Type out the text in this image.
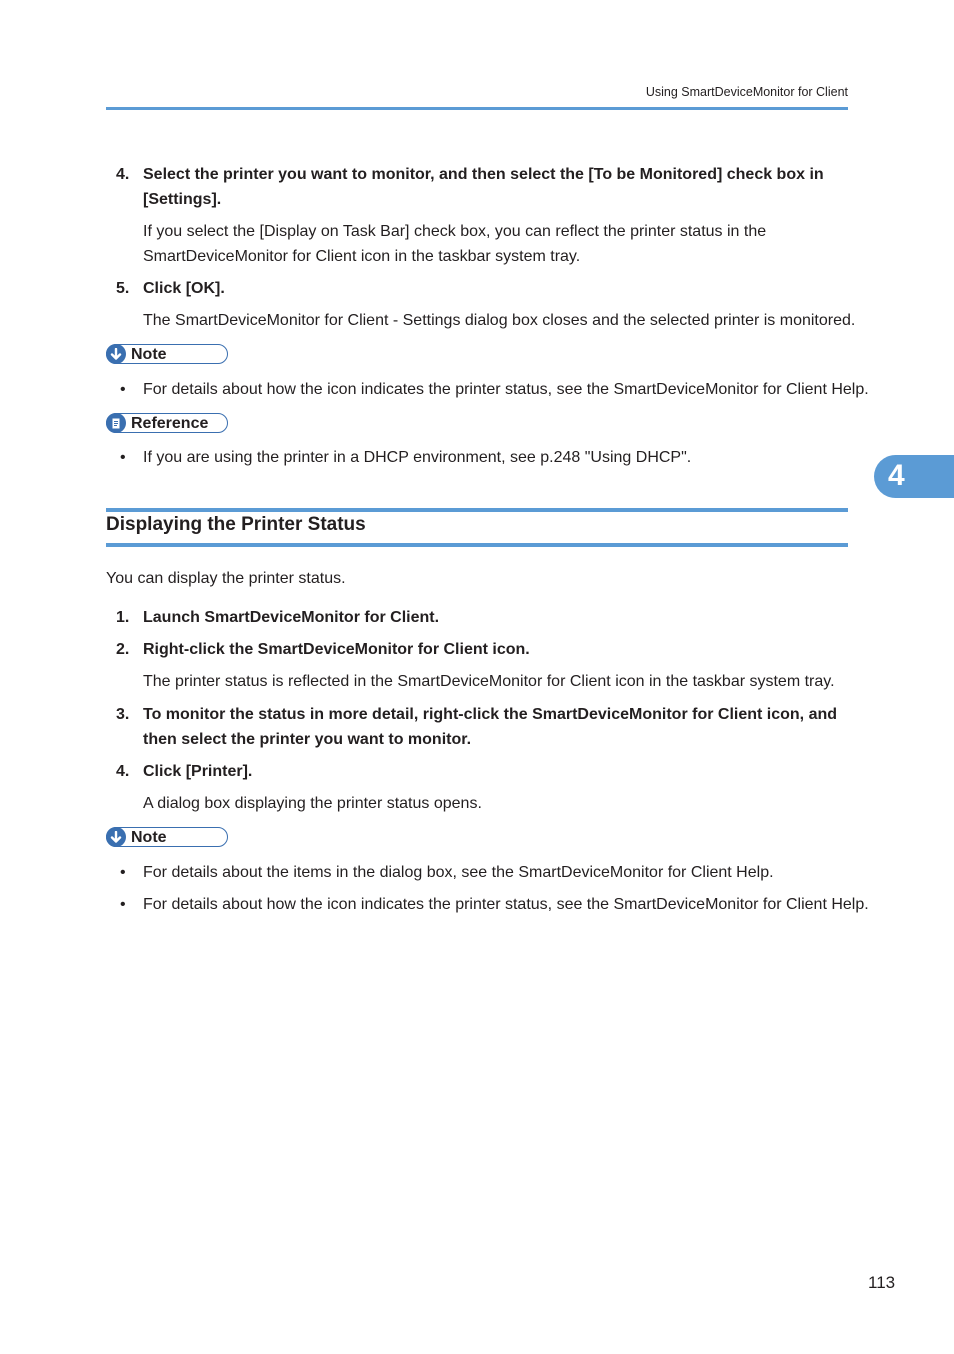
Using SmartDeviceMonitor for Client
4. Select the printer you want to monitor, and then select the [To be Monitored] check box in [Settings].
If you select the [Display on Task Bar] check box, you can reflect the printer status in the SmartDeviceMonitor for Client icon in the taskbar system tray.
5. Click [OK].
The SmartDeviceMonitor for Client - Settings dialog box closes and the selected printer is monitored.
Note
• For details about how the icon indicates the printer status, see the SmartDeviceMonitor for Client Help.
Reference
• If you are using the printer in a DHCP environment, see p.248 "Using DHCP".
4
Displaying the Printer Status
You can display the printer status.
1. Launch SmartDeviceMonitor for Client.
2. Right-click the SmartDeviceMonitor for Client icon.
The printer status is reflected in the SmartDeviceMonitor for Client icon in the taskbar system tray.
3. To monitor the status in more detail, right-click the SmartDeviceMonitor for Client icon, and then select the printer you want to monitor.
4. Click [Printer].
A dialog box displaying the printer status opens.
Note
• For details about the items in the dialog box, see the SmartDeviceMonitor for Client Help.
• For details about how the icon indicates the printer status, see the SmartDeviceMonitor for Client Help.
113
